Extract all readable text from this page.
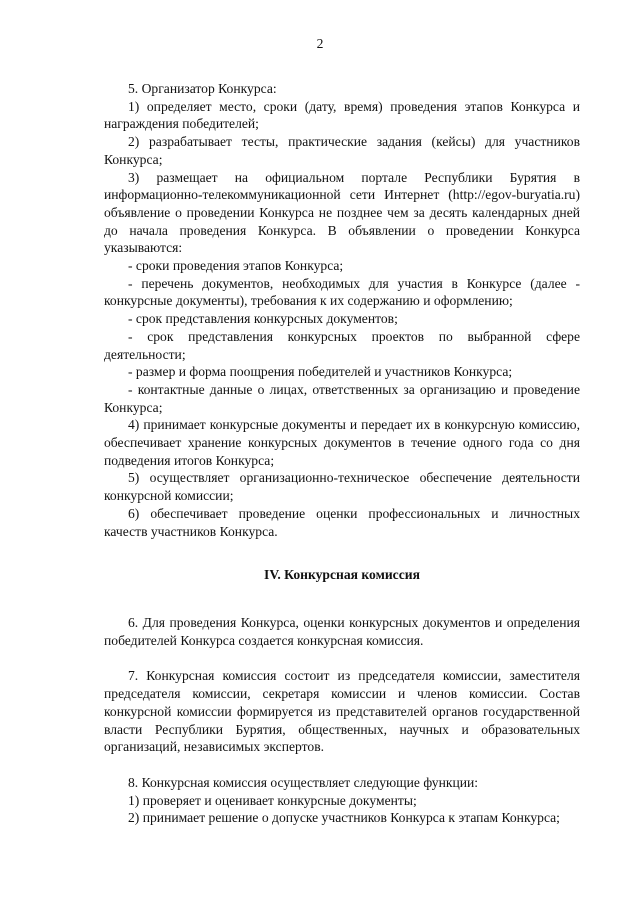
2

5. Организатор Конкурса:

1) определяет место, сроки (дату, время) проведения этапов Конкурса и награждения победителей;

2) разрабатывает тесты, практические задания (кейсы) для участников Конкурса;

3) размещает на официальном портале Республики Бурятия в информационно-телекоммуникационной сети Интернет (http://egov-buryatia.ru) объявление о проведении Конкурса не позднее чем за десять календарных дней до начала проведения Конкурса. В объявлении о проведении Конкурса указываются:

- сроки проведения этапов Конкурса;

- перечень документов, необходимых для участия в Конкурсе (далее - конкурсные документы), требования к их содержанию и оформлению;

- срок представления конкурсных документов;

- срок представления конкурсных проектов по выбранной сфере деятельности;

- размер и форма поощрения победителей и участников Конкурса;

- контактные данные о лицах, ответственных за организацию и проведение Конкурса;

4) принимает конкурсные документы и передает их в конкурсную комиссию, обеспечивает хранение конкурсных документов в течение одного года со дня подведения итогов Конкурса;

5) осуществляет организационно-техническое обеспечение деятельности конкурсной комиссии;

6) обеспечивает проведение оценки профессиональных и личностных качеств участников Конкурса.

IV. Конкурсная комиссия

6. Для проведения Конкурса, оценки конкурсных документов и определения победителей Конкурса создается конкурсная комиссия.

7. Конкурсная комиссия состоит из председателя комиссии, заместителя председателя комиссии, секретаря комиссии и членов комиссии. Состав конкурсной комиссии формируется из представителей органов государственной власти Республики Бурятия, общественных, научных и образовательных организаций, независимых экспертов.

8. Конкурсная комиссия осуществляет следующие функции:

1) проверяет и оценивает конкурсные документы;

2) принимает решение о допуске участников Конкурса к этапам Конкурса;
